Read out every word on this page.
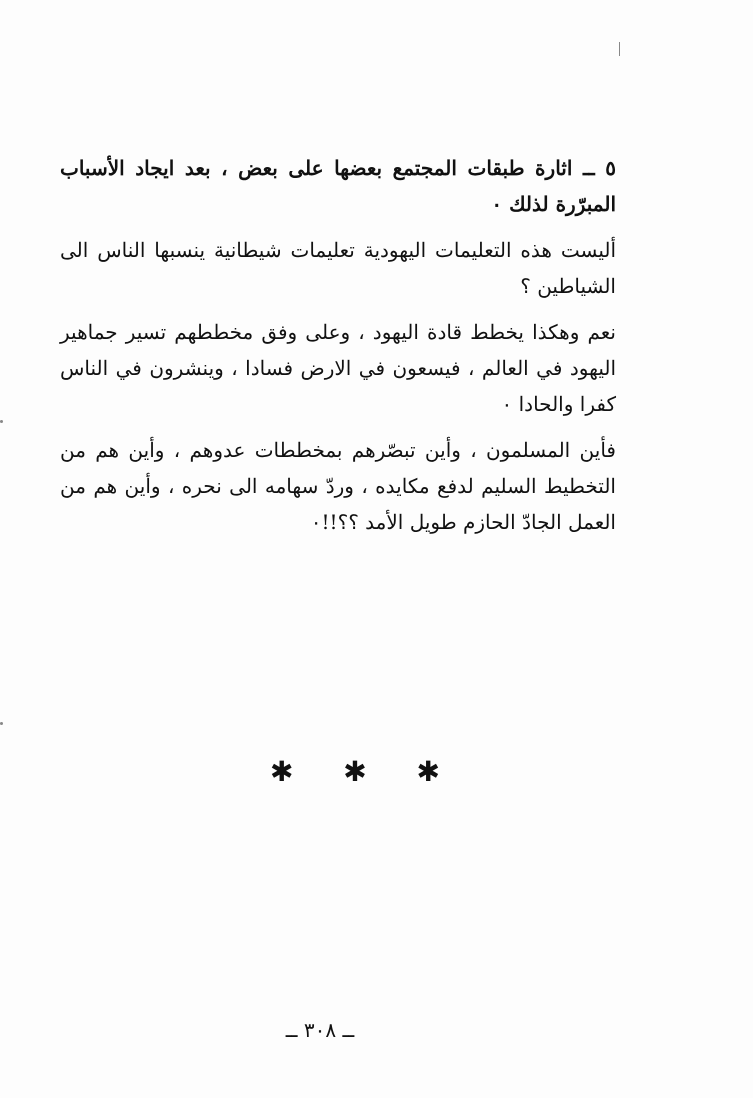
٥ ــ اثارة طبقات المجتمع بعضها على بعض ، بعد ايجاد الأسباب المبرّرة لذلك ٠

أليست هذه التعليمات اليهودية تعليمات شيطانية ينسبها الناس الى الشياطين ؟

نعم وهكذا يخطط قادة اليهود ، وعلى وفق مخططهم تسير جماهير اليهود في العالم ، فيسعون في الارض فسادا ، وينشرون في الناس كفرا والحادا ٠

فأين المسلمون ، وأين تبصّرهم بمخططات عدوهم ، وأين هم من التخطيط السليم لدفع مكايده ، وردّ سهامه الى نحره ، وأين هم من العمل الجادّ الحازم طويل الأمد ؟؟!!٠

✱ ✱ ✱
ــ ٣٠٨ ــ
